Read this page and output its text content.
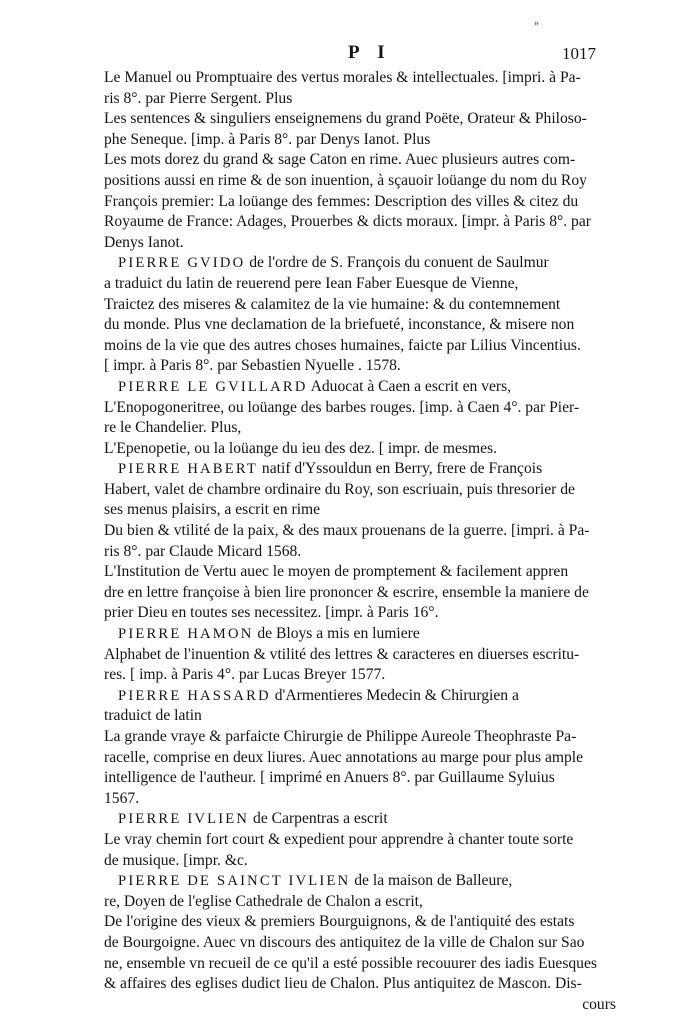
»
P I	1017
Le Manuel ou Promptuaire des vertus morales & intellectuales. [impri. à Pa-
ris 8°. par Pierre Sergent. Plus
Les sentences & singuliers enseignemens du grand Poëte, Orateur & Philoso-
phe Seneque. [imp. à Paris 8°. par Denys Ianot. Plus
Les mots dorez du grand & sage Caton en rime. Auec plusieurs autres com-
positions aussi en rime & de son inuention, à sçauoir loüange du nom du Roy
François premier: La loüange des femmes: Description des villes & citez du
Royaume de France: Adages, Prouerbes & dicts moraux. [impr. à Paris 8°. par
Denys Ianot.
PIERRE GVIDO de l'ordre de S. François du conuent de Saulmur
a traduict du latin de reuerend pere Iean Faber Euesque de Vienne,
Traictez des miseres & calamitez de la vie humaine: & du contemnement
du monde. Plus vne declamation de la briefueté, inconstance, & misere non
moins de la vie que des autres choses humaines, faicte par Lilius Vincentius.
[ impr. à Paris 8°. par Sebastien Nyuelle . 1578.
PIERRE LE GVILLARD Aduocat à Caen a escrit en vers,
L'Enopogoneritree, ou loüange des barbes rouges. [imp. à Caen 4°. par Pier-
re le Chandelier. Plus,
L'Epenopetie, ou la loüange du ieu des dez. [ impr. de mesmes.
PIERRE HABERT natif d'Yssouldun en Berry, frere de François
Habert, valet de chambre ordinaire du Roy, son escriuain, puis thresorier de
ses menus plaisirs, a escrit en rime
Du bien & vtilité de la paix, & des maux prouenans de la guerre. [impri. à Pa-
ris 8°. par Claude Micard 1568.
L'Institution de Vertu auec le moyen de promptement & facilement appren
dre en lettre françoise à bien lire prononcer & escrire, ensemble la maniere de
prier Dieu en toutes ses necessitez. [impr. à Paris 16°.
PIERRE HAMON de Bloys a mis en lumiere
Alphabet de l'inuention & vtilité des lettres & caracteres en diuerses escritu-
res. [ imp. à Paris 4°. par Lucas Breyer 1577.
PIERRE HASSARD d'Armentieres Medecin & Chirurgien a
traduict de latin
La grande vraye & parfaicte Chirurgie de Philippe Aureole Theophraste Pa-
racelle, comprise en deux liures. Auec annotations au marge pour plus ample
intelligence de l'autheur. [ imprimé en Anuers 8°. par Guillaume Syluius
1567.
PIERRE IVLIEN de Carpentras a escrit
Le vray chemin fort court & expedient pour apprendre à chanter toute sorte
de musique. [impr. &c.
PIERRE DE SAINCT IVLIEN de la maison de Balleure,
re, Doyen de l'eglise Cathedrale de Chalon a escrit,
De l'origine des vieux & premiers Bourguignons, & de l'antiquité des estats
de Bourgoigne. Auec vn discours des antiquitez de la ville de Chalon sur Sao
ne, ensemble vn recueil de ce qu'il a esté possible recouurer des iadis Euesques
& affaires des eglises dudict lieu de Chalon. Plus antiquitez de Mascon. Dis-
cours
